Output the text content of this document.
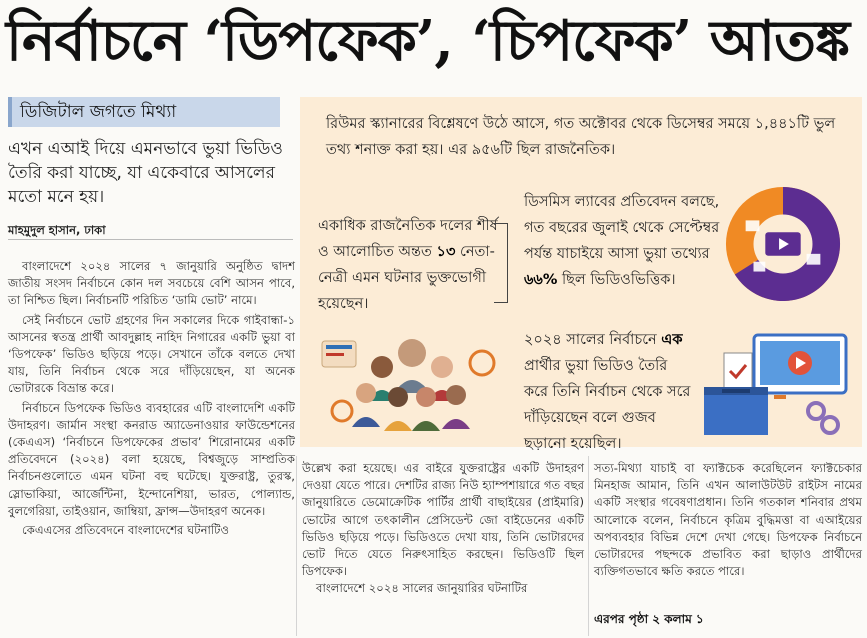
নির্বাচনে ‘ডিপফেক’, ‘চিপফেক’ আতঙ্ক
ডিজিটাল জগতে মিথ্যা
এখন এআই দিয়ে এমনভাবে ভুয়া ভিডিও তৈরি করা যাচ্ছে, যা একেবারে আসলের মতো মনে হয়।
মাহমুদুল হাসান, ঢাকা

বাংলাদেশে ২০২৪ সালের ৭ জানুয়ারি অনুষ্ঠিত দ্বাদশ জাতীয় সংসদ নির্বাচনে কোন দল সবচেয়ে বেশি আসন পাবে, তা নিশ্চিত ছিল। নির্বাচনটি পরিচিত ‘ডামি ভোট’ নামে।

সেই নির্বাচনে ভোট গ্রহণের দিন সকালের দিকে গাইবান্ধা-১ আসনের স্বতন্ত্র প্রার্থী আবদুল্লাহ নাহিদ নিগারের একটি ভুয়া বা ‘ডিপফেক’ ভিডিও ছড়িয়ে পড়ে। সেখানে তাঁকে বলতে দেখা যায়, তিনি নির্বাচন থেকে সরে দাঁড়িয়েছেন, যা অনেক ভোটারকে বিভ্রান্ত করে।

নির্বাচনে ডিপফেক ভিডিও ব্যবহারের এটি বাংলাদেশি একটি উদাহরণ। জার্মান সংস্থা কনরাড অ্যাডেনাওয়ার ফাউন্ডেশনের (কেএএস) ‘নির্বাচনে ডিপফেকের প্রভাব’ শিরোনামের একটি প্রতিবেদনে (২০২৪) বলা হয়েছে, বিশ্বজুড়ে সাম্প্রতিক নির্বাচনগুলোতে এমন ঘটনা বহু ঘটেছে। যুক্তরাষ্ট্র, তুরস্ক, স্লোভাকিয়া, আর্জেন্টিনা, ইন্দোনেশিয়া, ভারত, পোল্যান্ড, বুলগেরিয়া, তাইওয়ান, জাম্বিয়া, ফ্রান্স—উদাহরণ অনেক।

কেএএসের প্রতিবেদনে বাংলাদেশের ঘটনাটিও

রিউমর স্ক্যানারের বিশ্লেষণে উঠে আসে, গত অক্টোবর থেকে ডিসেম্বর সময়ে ১,৪৪১টি ভুল তথ্য শনাক্ত করা হয়। এর ৯৫৬টি ছিল রাজনৈতিক।
একাধিক রাজনৈতিক দলের শীর্ষ ও আলোচিত অন্তত ১৩ নেতা-নেত্রী এমন ঘটনার ভুক্তভোগী হয়েছেন।
ডিসমিস ল্যাবের প্রতিবেদন বলছে, গত বছরের জুলাই থেকে সেপ্টেম্বর পর্যন্ত যাচাইয়ে আসা ভুয়া তথ্যের ৬৬% ছিল ভিডিওভিত্তিক।
২০২৪ সালের নির্বাচনে এক প্রার্থীর ভুয়া ভিডিও তৈরি করে তিনি নির্বাচন থেকে সরে দাঁড়িয়েছেন বলে গুজব ছড়ানো হয়েছিল।

উল্লেখ করা হয়েছে। এর বাইরে যুক্তরাষ্ট্রের একটি উদাহরণ দেওয়া যেতে পারে। দেশটির রাজ্য নিউ হ্যাম্পশায়ারে গত বছর জানুয়ারিতে ডেমোক্রেটিক পার্টির প্রার্থী বাছাইয়ের (প্রাইমারি) ভোটের আগে তৎকালীন প্রেসিডেন্ট জো বাইডেনের একটি ভিডিও ছড়িয়ে পড়ে। ভিডিওতে দেখা যায়, তিনি ভোটারদের ভোট দিতে যেতে নিরুৎসাহিত করছেন। ভিডিওটি ছিল ডিপফেক।

বাংলাদেশে ২০২৪ সালের জানুয়ারির ঘটনাটির

সত্য-মিথ্যা যাচাই বা ফ্যাক্টচেক করেছিলেন ফ্যাক্টচেকার মিনহাজ আমান, তিনি এখন আলাউটউট রাইটস নামের একটি সংস্থার গবেষণাপ্রধান। তিনি গতকাল শনিবার প্রথম আলোকে বলেন, নির্বাচনে কৃত্রিম বুদ্ধিমত্তা বা এআইয়ের অপব্যবহার বিভিন্ন দেশে দেখা গেছে। ডিপফেক নির্বাচনে ভোটারদের পছন্দকে প্রভাবিত করা ছাড়াও প্রার্থীদের ব্যক্তিগতভাবে ক্ষতি করতে পারে।

এরপর পৃষ্ঠা ২ কলাম ১
